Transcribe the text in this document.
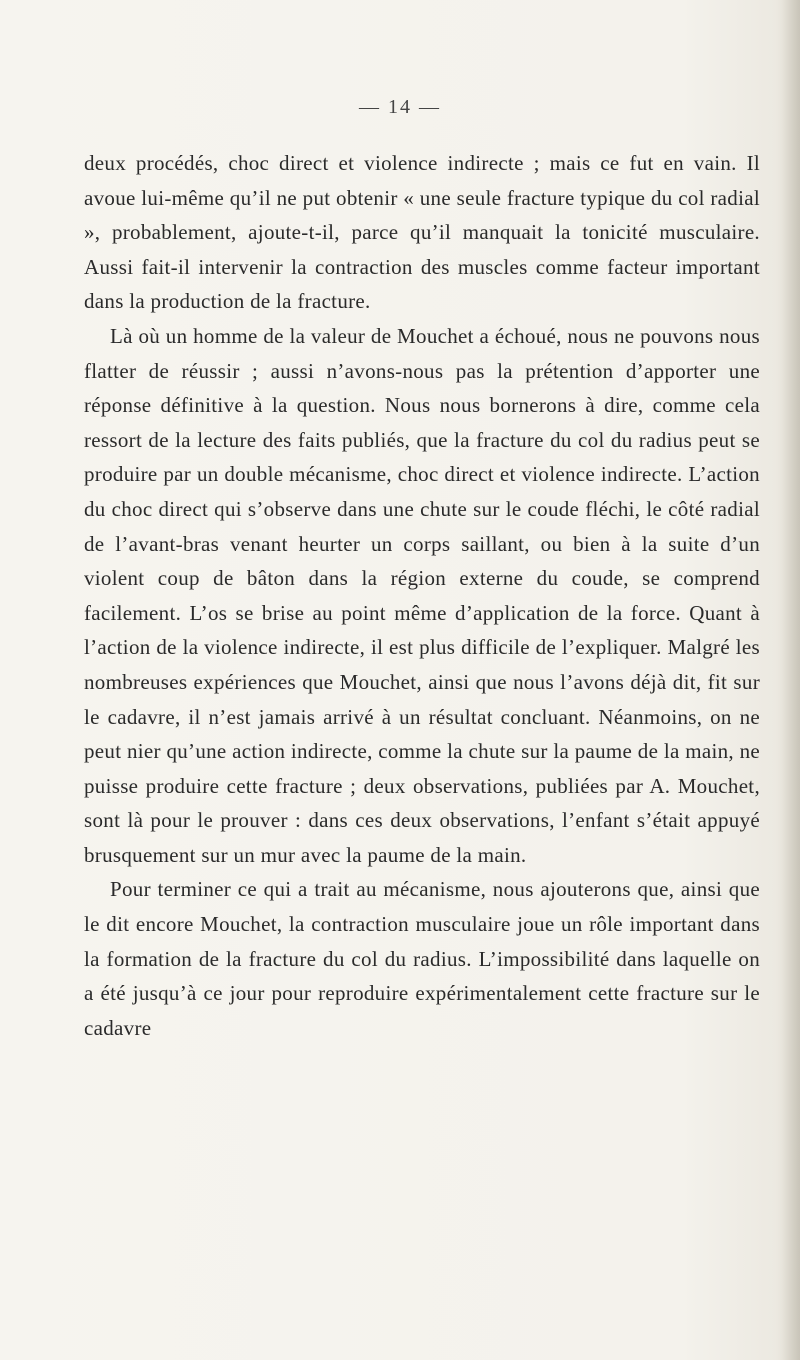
— 14 —

deux procédés, choc direct et violence indirecte ; mais ce fut en vain. Il avoue lui-même qu’il ne put obtenir « une seule fracture typique du col radial », probablement, ajoute-t-il, parce qu’il manquait la tonicité musculaire. Aussi fait-il intervenir la contraction des muscles comme facteur important dans la production de la fracture.

Là où un homme de la valeur de Mouchet a échoué, nous ne pouvons nous flatter de réussir ; aussi n’avons-nous pas la prétention d’apporter une réponse définitive à la question. Nous nous bornerons à dire, comme cela ressort de la lecture des faits publiés, que la fracture du col du radius peut se produire par un double mécanisme, choc direct et violence indirecte. L’action du choc direct qui s’observe dans une chute sur le coude fléchi, le côté radial de l’avant-bras venant heurter un corps saillant, ou bien à la suite d’un violent coup de bâton dans la région externe du coude, se comprend facilement. L’os se brise au point même d’application de la force. Quant à l’action de la violence indirecte, il est plus difficile de l’expliquer. Malgré les nombreuses expériences que Mouchet, ainsi que nous l’avons déjà dit, fit sur le cadavre, il n’est jamais arrivé à un résultat concluant. Néanmoins, on ne peut nier qu’une action indirecte, comme la chute sur la paume de la main, ne puisse produire cette fracture ; deux observations, publiées par A. Mouchet, sont là pour le prouver : dans ces deux observations, l’enfant s’était appuyé brusquement sur un mur avec la paume de la main.

Pour terminer ce qui a trait au mécanisme, nous ajouterons que, ainsi que le dit encore Mouchet, la contraction musculaire joue un rôle important dans la formation de la fracture du col du radius. L’impossibilité dans laquelle on a été jusqu’à ce jour pour reproduire expérimentalement cette fracture sur le cadavre
